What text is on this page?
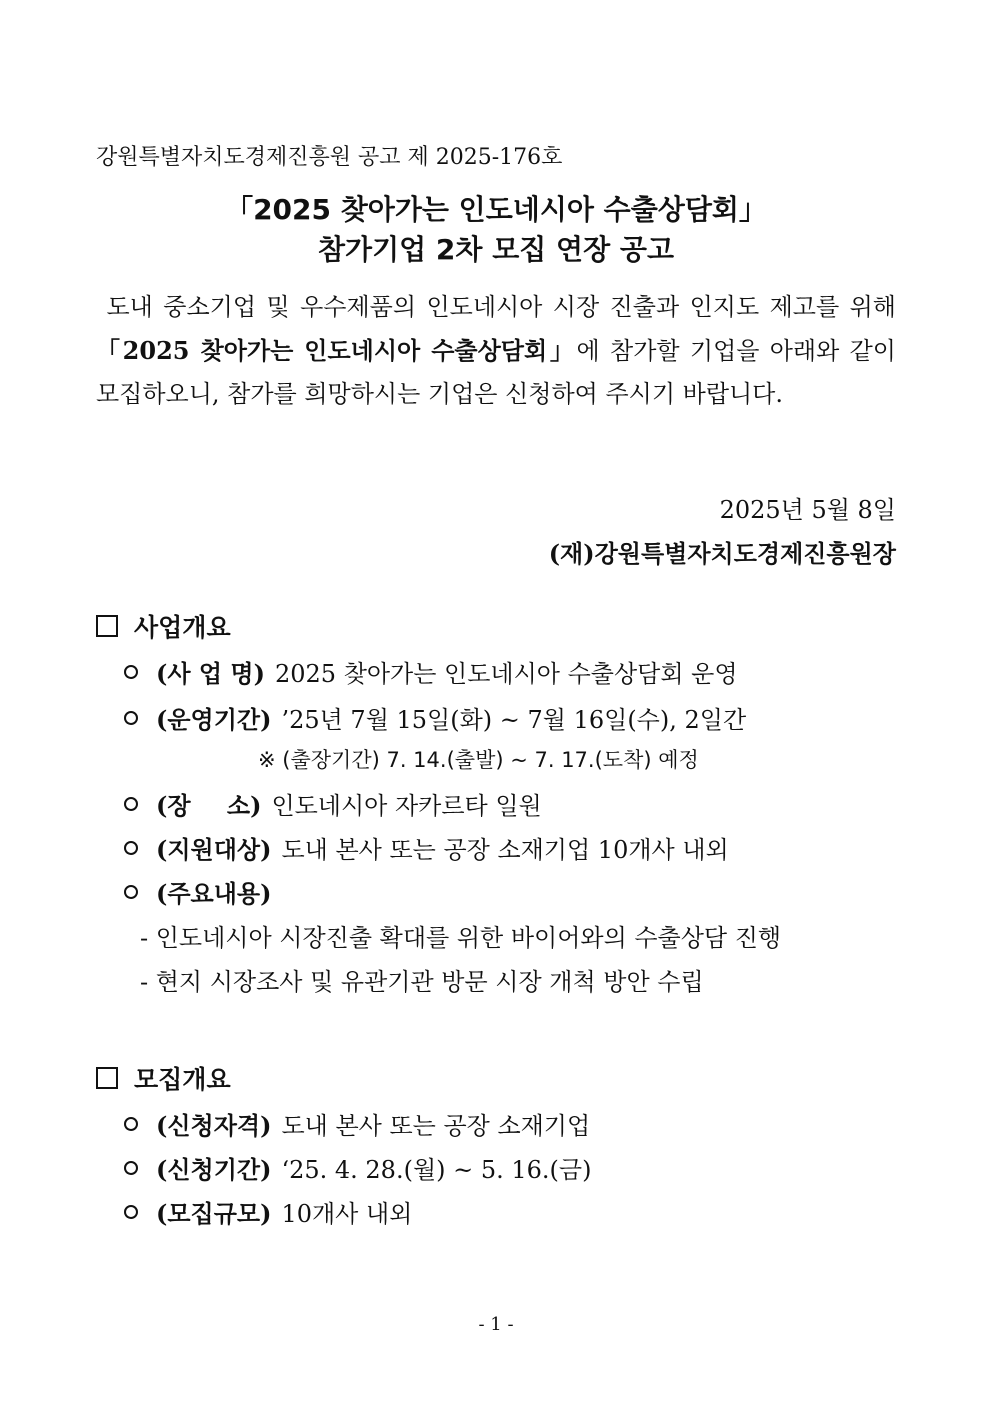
강원특별자치도경제진흥원 공고 제 2025-176호
「2025 찾아가는 인도네시아 수출상담회」
참가기업 2차 모집 연장 공고
도내 중소기업 및 우수제품의 인도네시아 시장 진출과 인지도 제고를 위해 「2025 찾아가는 인도네시아 수출상담회」에 참가할 기업을 아래와 같이 모집하오니, 참가를 희망하시는 기업은 신청하여 주시기 바랍니다.
2025년 5월 8일
(재)강원특별자치도경제진흥원장
사업개요
(사 업 명) 2025 찾아가는 인도네시아 수출상담회 운영
(운영기간) ’25년 7월 15일(화) ~ 7월 16일(수), 2일간
※ (출장기간) 7. 14.(출발) ~ 7. 17.(도착) 예정
(장 소) 인도네시아 자카르타 일원
(지원대상) 도내 본사 또는 공장 소재기업 10개사 내외
(주요내용)
- 인도네시아 시장진출 확대를 위한 바이어와의 수출상담 진행
- 현지 시장조사 및 유관기관 방문 시장 개척 방안 수립
모집개요
(신청자격) 도내 본사 또는 공장 소재기업
(신청기간) ‘25. 4. 28.(월) ~ 5. 16.(금)
(모집규모) 10개사 내외
- 1 -
